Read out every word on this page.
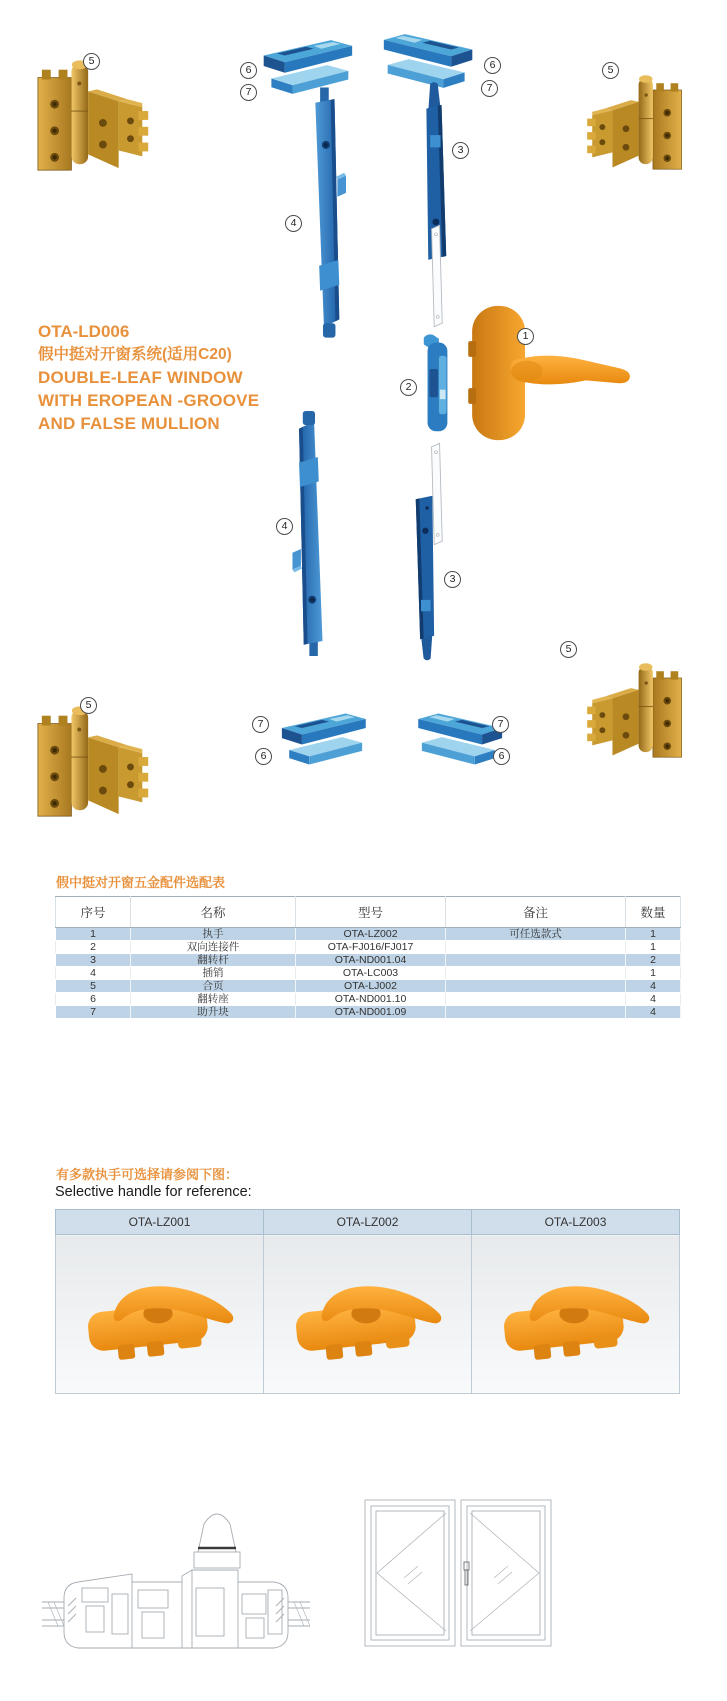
5
6
7
6
7
5
3
4
2
1
4
3
7
6
7
6
5
5
OTA-LD006
假中挺对开窗系统(适用C20)
DOUBLE-LEAF WINDOW
WITH EROPEAN -GROOVE
AND FALSE MULLION
假中挺对开窗五金配件选配表
序号	名称	型号	备注	数量
1	执手	OTA-LZ002	可任选款式	1
2	双向连接件	OTA-FJ016/FJ017		1
3	翻转杆	OTA-ND001.04		2
4	插销	OTA-LC003		1
5	合页	OTA-LJ002		4
6	翻转座	OTA-ND001.10		4
7	助升块	OTA-ND001.09		4
有多款执手可选择请参阅下图：
Selective handle for reference:
OTA-LZ001	OTA-LZ002	OTA-LZ003
